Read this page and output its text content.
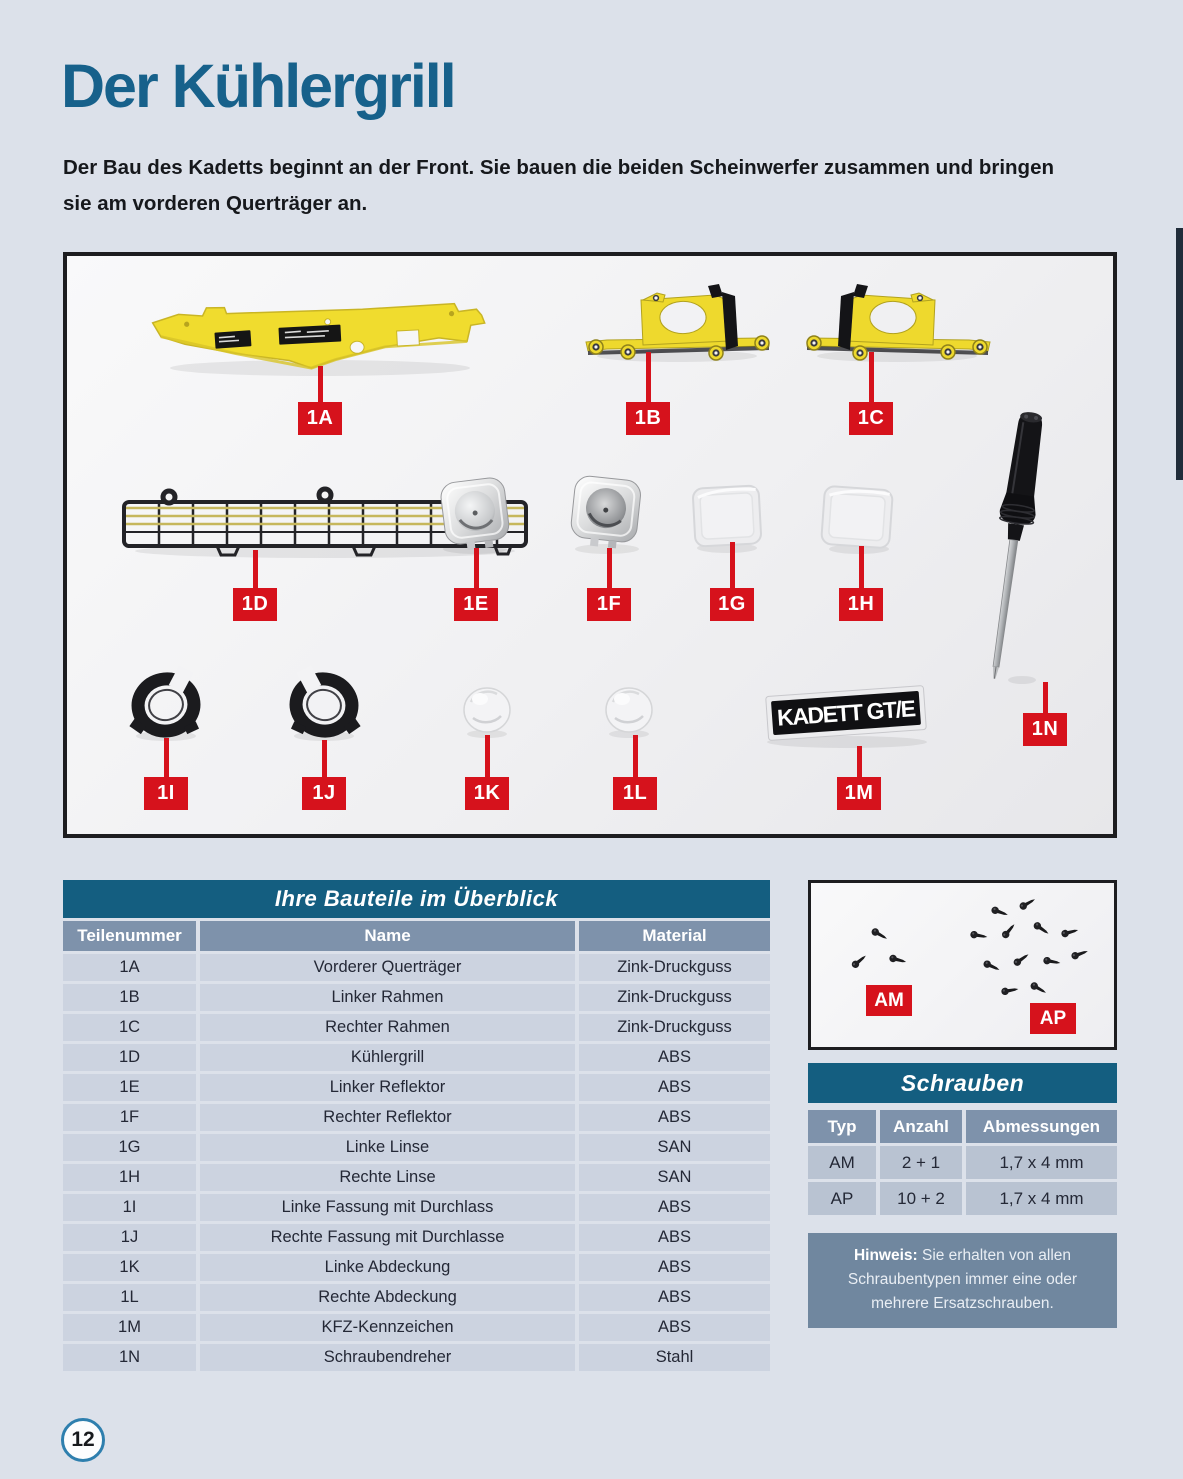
Der Kühlergrill

Der Bau des Kadetts beginnt an der Front. Sie bauen die beiden Scheinwerfer zusammen und bringen sie am vorderen Querträger an.

KADETT GT/E
1A	1B	1C
1D	1E	1F	1G	1H
1I	1J	1K	1L	1M
1N
Ihre Bauteile im Überblick
Teilenummer	Name	Material
1A	Vorderer Querträger	Zink-Druckguss
1B	Linker Rahmen	Zink-Druckguss
1C	Rechter Rahmen	Zink-Druckguss
1D	Kühlergrill	ABS
1E	Linker Reflektor	ABS
1F	Rechter Reflektor	ABS
1G	Linke Linse	SAN
1H	Rechte Linse	SAN
1I	Linke Fassung mit Durchlass	ABS
1J	Rechte Fassung mit Durchlasse	ABS
1K	Linke Abdeckung	ABS
1L	Rechte Abdeckung	ABS
1M	KFZ-Kennzeichen	ABS
1N	Schraubendreher	Stahl
AM
AP
Schrauben
Typ	Anzahl	Abmessungen
AM	2 + 1	1,7 x 4 mm
AP	10 + 2	1,7 x 4 mm
Hinweis: Sie erhalten von allen Schraubentypen immer eine oder mehrere Ersatzschrauben.
12
